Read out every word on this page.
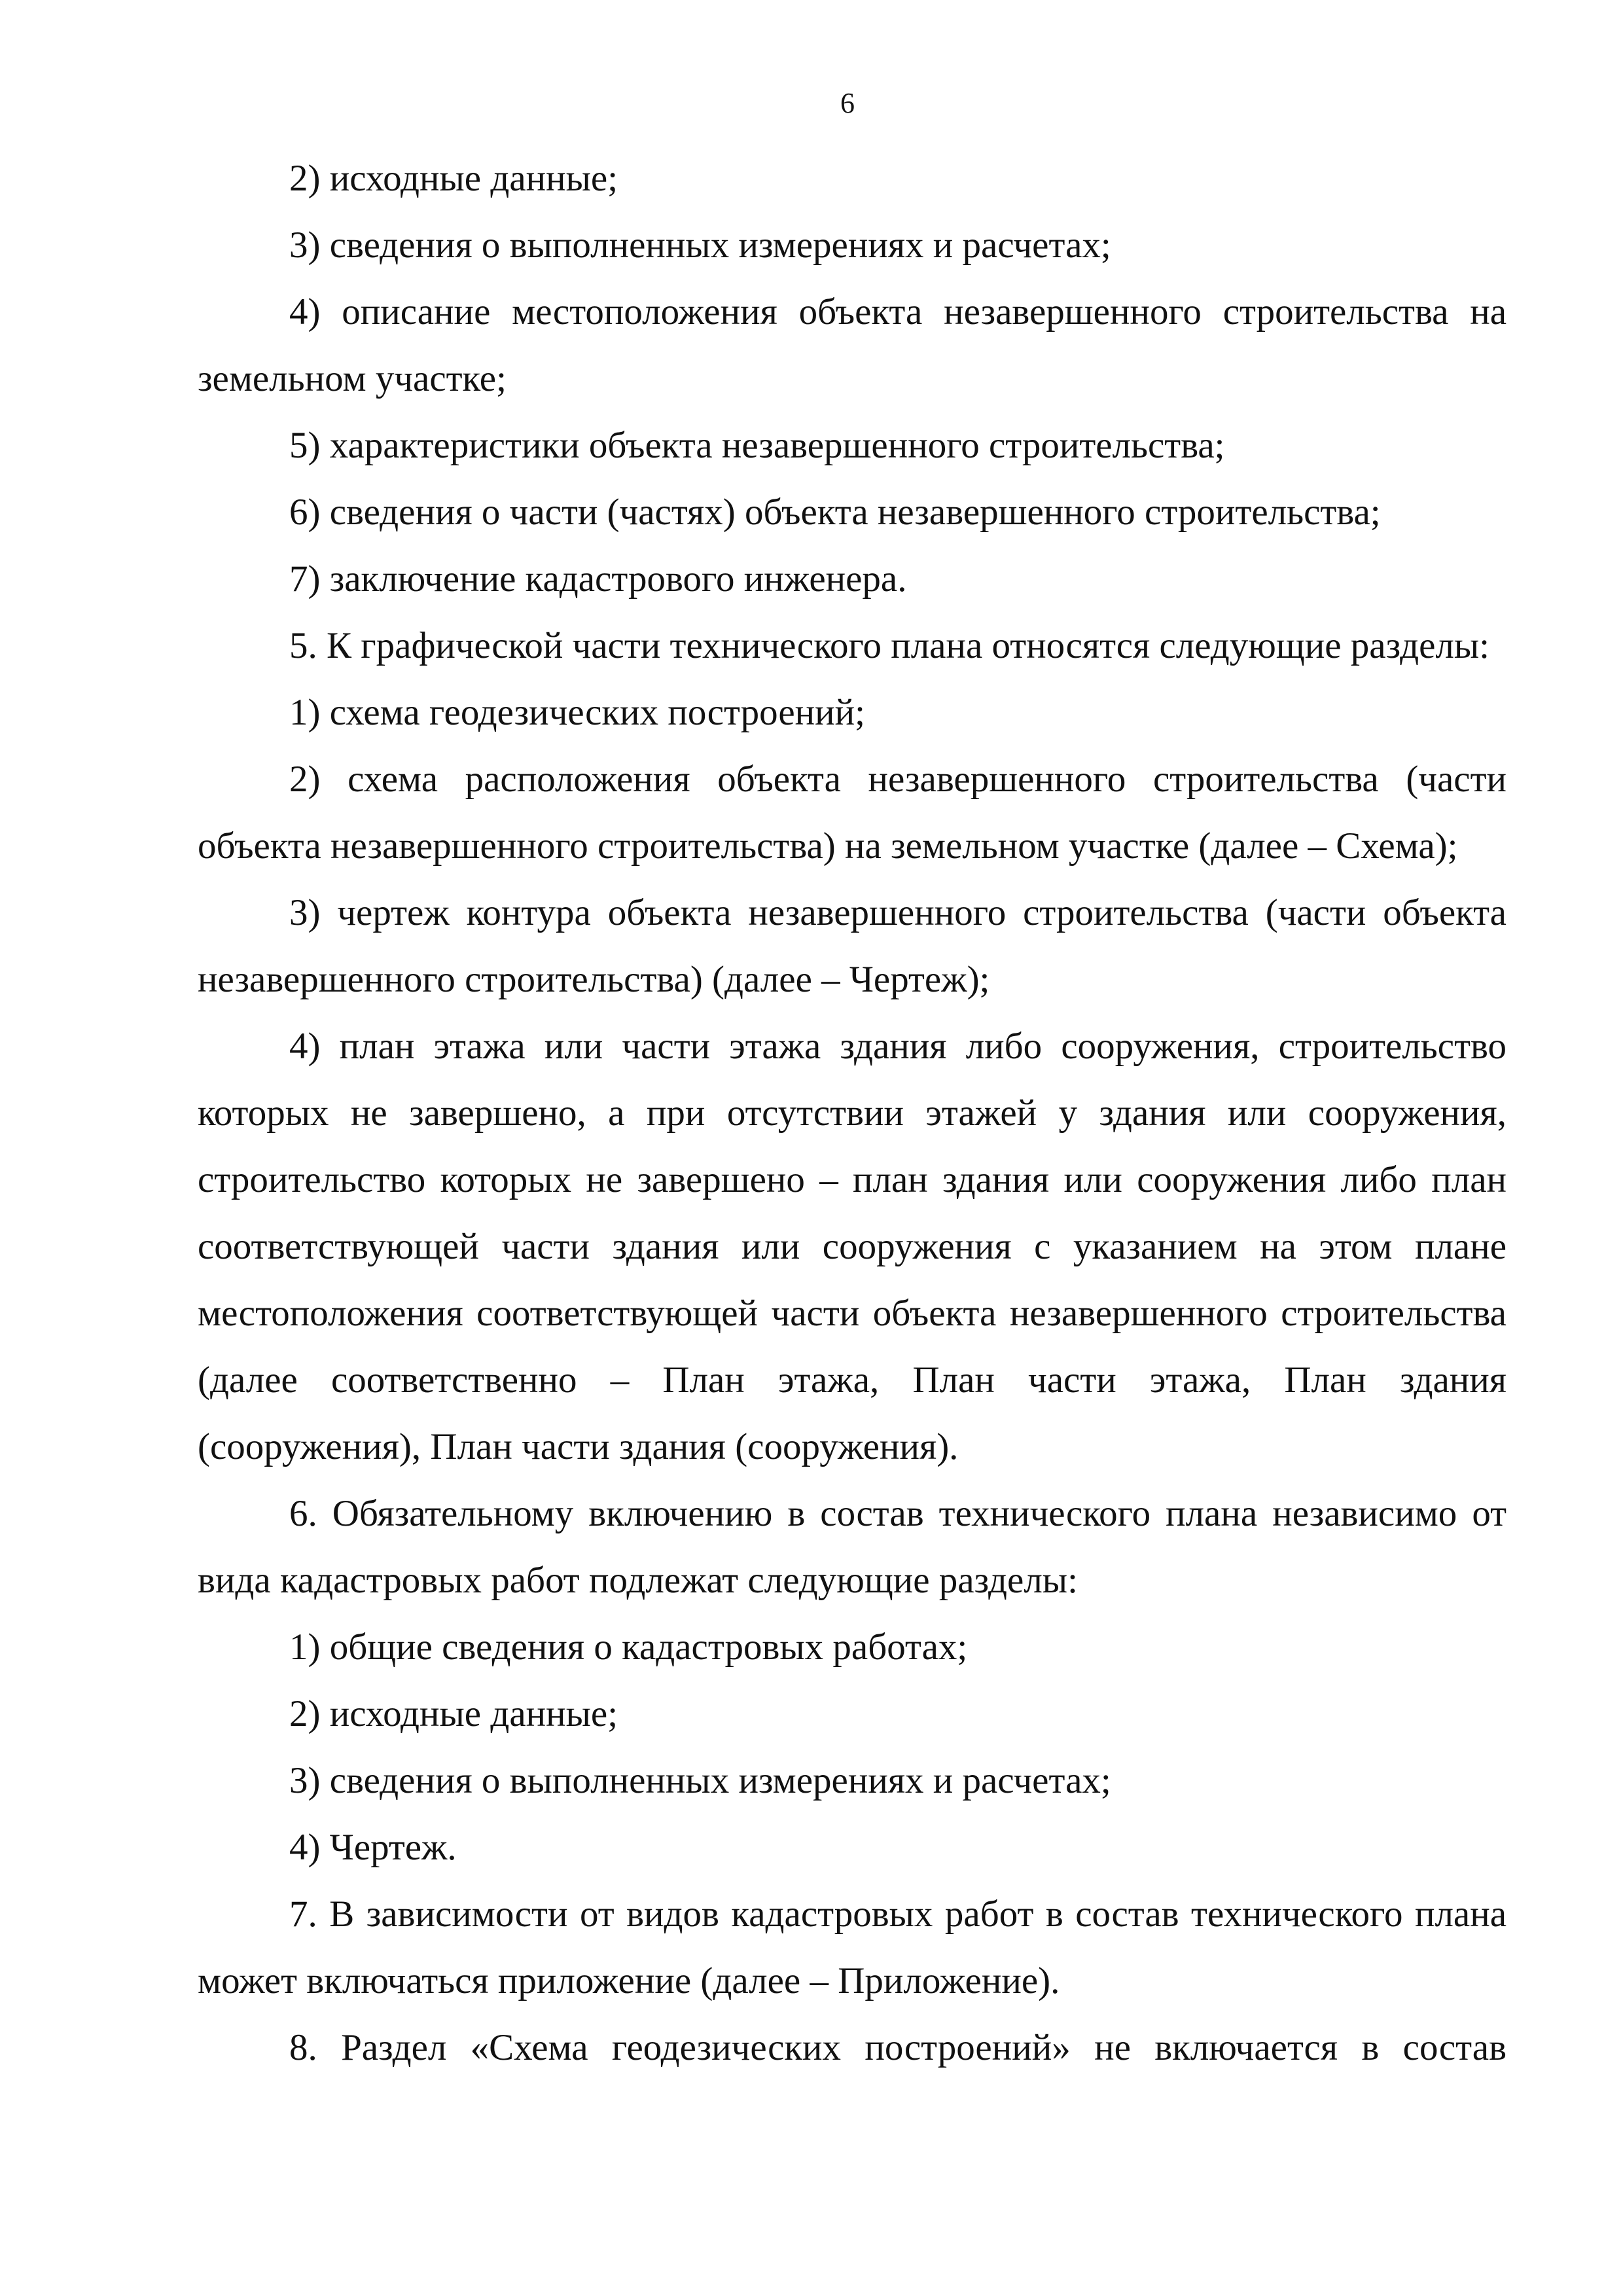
6

2) исходные данные;

3) сведения о выполненных измерениях и расчетах;

4) описание местоположения объекта незавершенного строительства на земельном участке;

5) характеристики объекта незавершенного строительства;

6) сведения о части (частях) объекта незавершенного строительства;

7) заключение кадастрового инженера.

5. К графической части технического плана относятся следующие разделы:

1) схема геодезических построений;

2) схема расположения объекта незавершенного строительства (части объекта незавершенного строительства) на земельном участке (далее – Схема);

3) чертеж контура объекта незавершенного строительства (части объекта незавершенного строительства) (далее – Чертеж);

4) план этажа или части этажа здания либо сооружения, строительство которых не завершено, а при отсутствии этажей у здания или сооружения, строительство которых не завершено – план здания или сооружения либо план соответствующей части здания или сооружения с указанием на этом плане местоположения соответствующей части объекта незавершенного строительства (далее соответственно – План этажа, План части этажа, План здания (сооружения), План части здания (сооружения).

6. Обязательному включению в состав технического плана независимо от вида кадастровых работ подлежат следующие разделы:

1) общие сведения о кадастровых работах;

2) исходные данные;

3) сведения о выполненных измерениях и расчетах;

4) Чертеж.

7. В зависимости от видов кадастровых работ в состав технического плана может включаться приложение (далее – Приложение).

8. Раздел «Схема геодезических построений» не включается в состав
